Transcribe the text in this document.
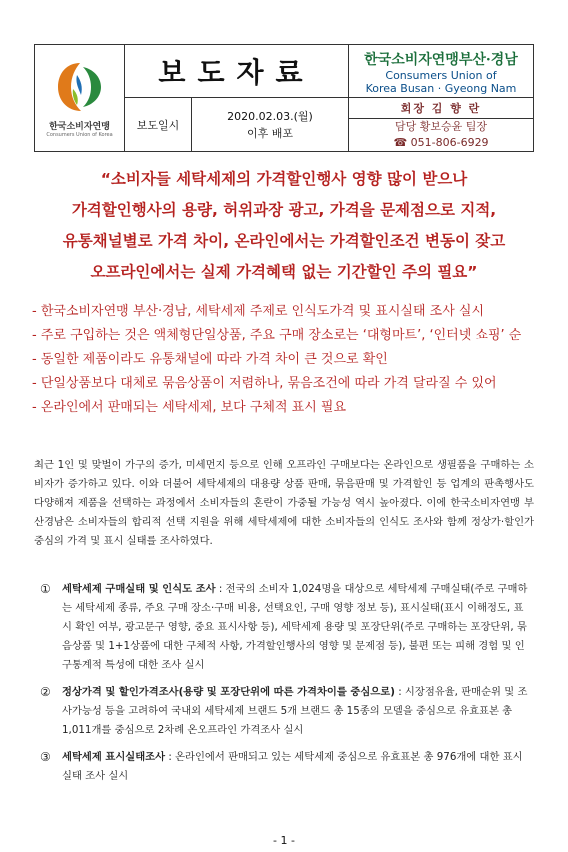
한국소비자연맹
Consumers Union of Korea
보도자료	한국소비자연맹부산·경남
Consumers Union of
Korea Busan · Gyeong Nam
보도일시
2020.02.03.(월)
이후 배포
회장 김 향 란
담당 황보승윤 팀장
☎ 051-806-6929
“소비자들 세탁세제의 가격할인행사 영향 많이 받으나
가격할인행사의 용량, 허위과장 광고, 가격을 문제점으로 지적,
유통채널별로 가격 차이, 온라인에서는 가격할인조건 변동이 잦고
오프라인에서는 실제 가격혜택 없는 기간할인 주의 필요”
- 한국소비자연맹 부산·경남, 세탁세제 주제로 인식도가격 및 표시실태 조사 실시
- 주로 구입하는 것은 액체형단일상품, 주요 구매 장소로는 ‘대형마트’, ‘인터넷 쇼핑’ 순
- 동일한 제품이라도 유통채널에 따라 가격 차이 큰 것으로 확인
- 단일상품보다 대체로 묶음상품이 저렴하나, 묶음조건에 따라 가격 달라질 수 있어
- 온라인에서 판매되는 세탁세제, 보다 구체적 표시 필요
최근 1인 및 맞벌이 가구의 증가, 미세먼지 등으로 인해 오프라인 구매보다는 온라인으로 생필품을 구매하는 소비자가 증가하고 있다. 이와 더불어 세탁세제의 대용량 상품 판매, 묶음판매 및 가격할인 등 업계의 판촉행사도 다양해져 제품을 선택하는 과정에서 소비자들의 혼란이 가중될 가능성 역시 높아졌다. 이에 한국소비자연맹 부산경남은 소비자들의 합리적 선택 지원을 위해 세탁세제에 대한 소비자들의 인식도 조사와 함께 정상가·할인가 중심의 가격 및 표시 실태를 조사하였다.
①	세탁세제 구매실태 및 인식도 조사 : 전국의 소비자 1,024명을 대상으로 세탁세제 구매실태(주로 구매하는 세탁세제 종류, 주요 구매 장소·구매 비용, 선택요인, 구매 영향 정보 등), 표시실태(표시 이해정도, 표시 확인 여부, 광고문구 영향, 중요 표시사항 등), 세탁세제 용량 및 포장단위(주로 구매하는 포장단위, 묶음상품 및 1+1상품에 대한 구체적 사항, 가격할인행사의 영향 및 문제점 등), 불편 또는 피해 경험 및 인구통계적 특성에 대한 조사 실시
②	정상가격 및 할인가격조사(용량 및 포장단위에 따른 가격차이를 중심으로) : 시장점유율, 판매순위 및 조사가능성 등을 고려하여 국내외 세탁세제 브랜드 5개 브랜드 총 15종의 모델을 중심으로 유효표본 총 1,011개를 중심으로 2차례 온오프라인 가격조사 실시
③	세탁세제 표시실태조사 : 온라인에서 판매되고 있는 세탁세제 중심으로 유효표본 총 976개에 대한 표시 실태 조사 실시
- 1 -
